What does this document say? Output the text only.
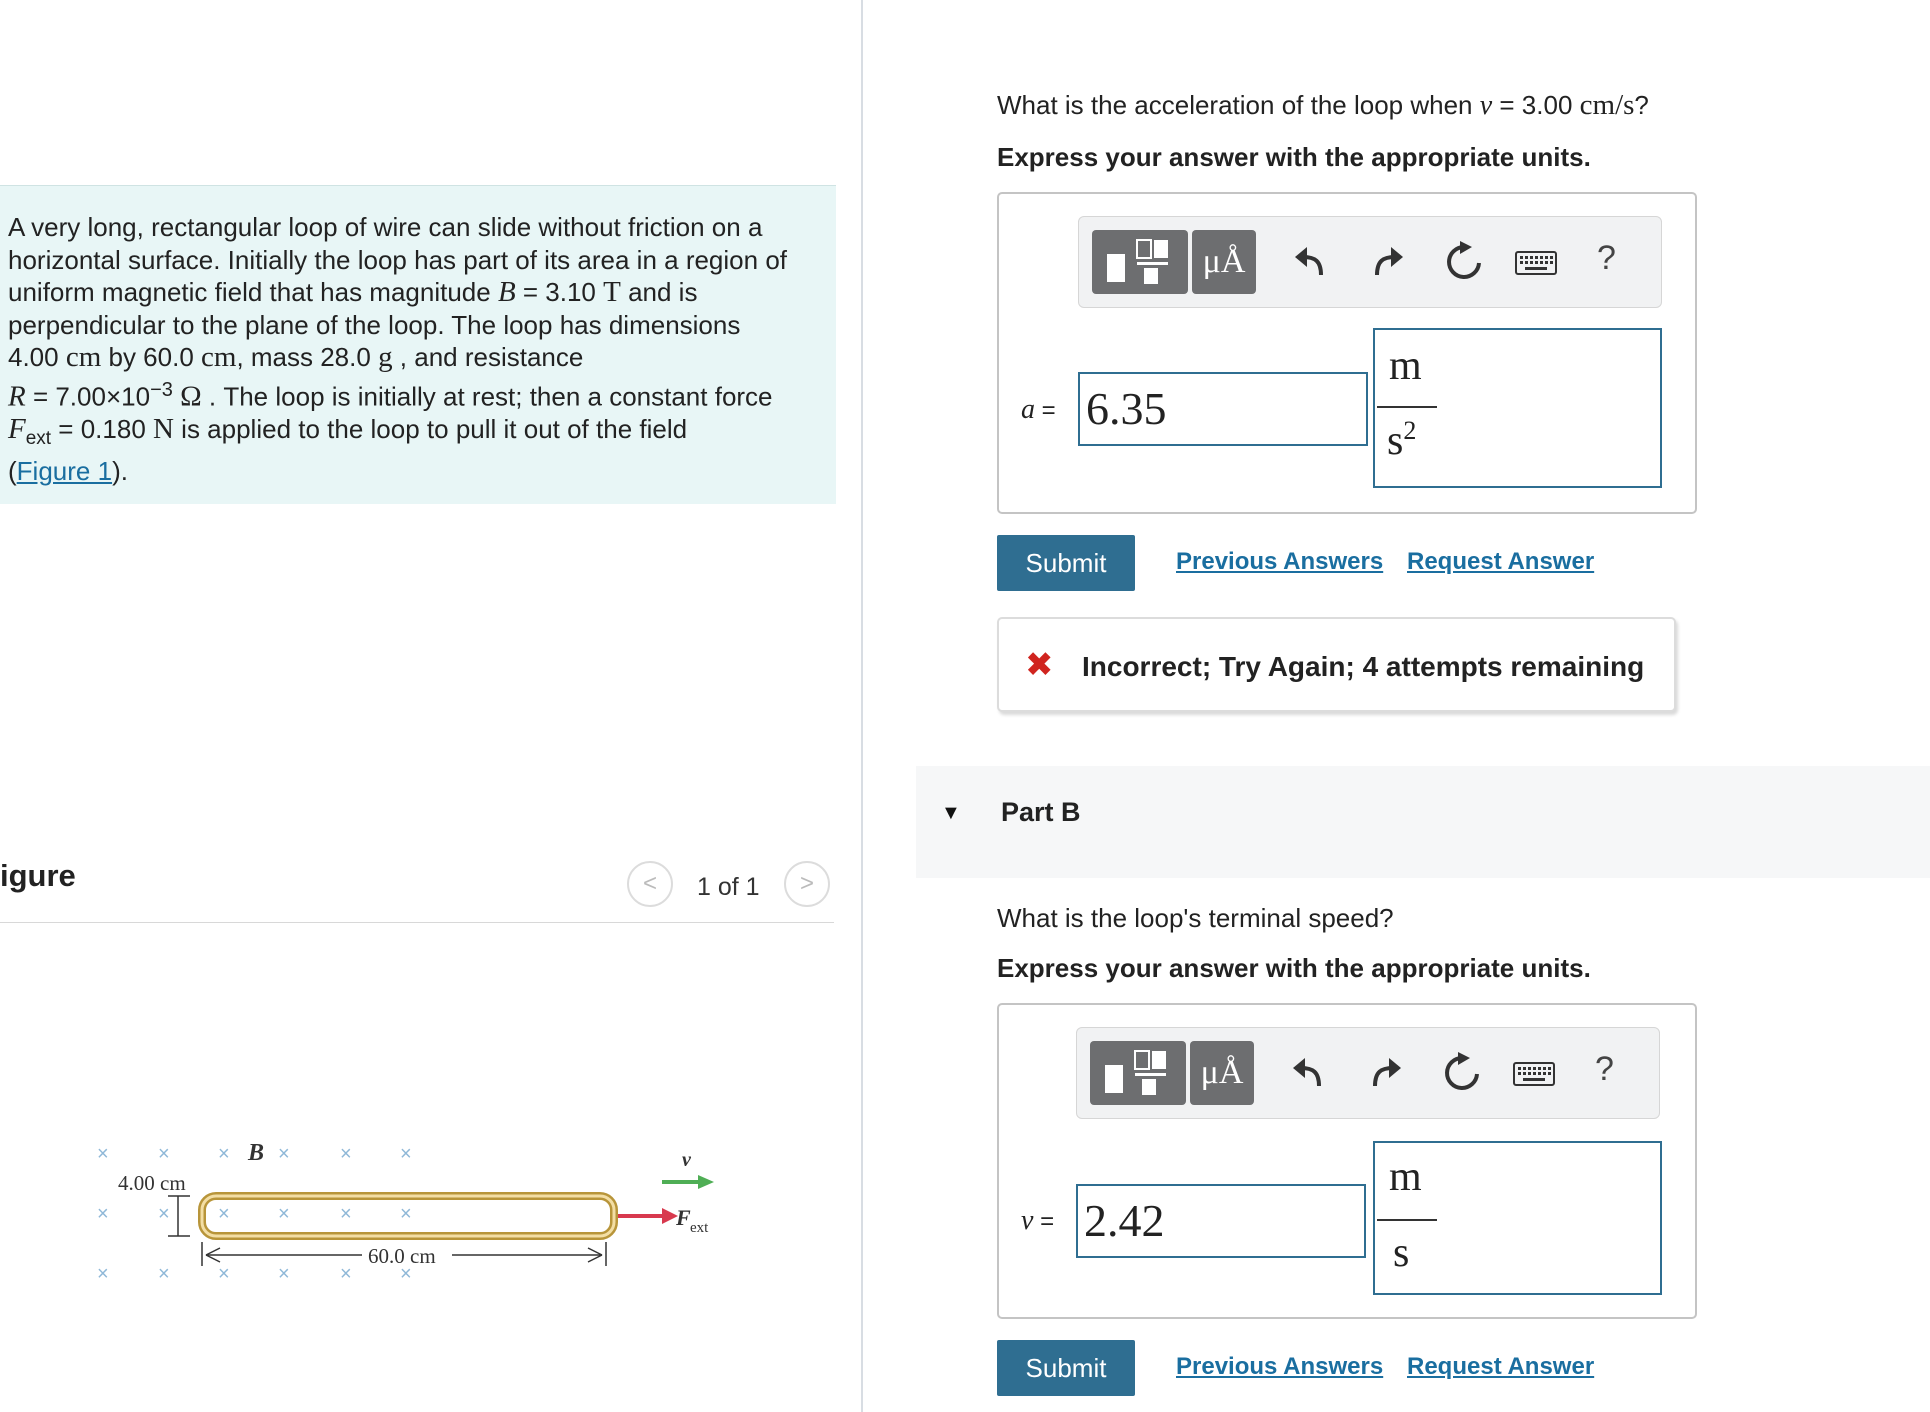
A very long, rectangular loop of wire can slide without friction on a
horizontal surface. Initially the loop has part of its area in a region of
uniform magnetic field that has magnitude B = 3.10 T and is
perpendicular to the plane of the loop. The loop has dimensions
4.00 cm by 60.0 cm, mass 28.0 g , and resistance
$R = 7.00\times 10^{-3}$ Ω . The loop is initially at rest; then a constant force
$F_{ext} = 0.180$ N is applied to the loop to pull it out of the field
(Figure 1).
igure	< 1 of 1 >
× × × ×	× ×
× × × ×	× ×
× × × ×	× ×
B
4.00 cm
60.0 cm
v
F ext
What is the acceleration of the loop when v = 3.00 cm/s?
Express your answer with the appropriate units.
μÅ	?
a = 6.35
m
$s^2$
Submit	Previous Answers Request Answer
✖ Incorrect; Try Again; 4 attempts remaining
▼ Part B
What is the loop's terminal speed?
Express your answer with the appropriate units.
μÅ	?
v = 2.42
m
s
Submit	Previous Answers Request Answer
